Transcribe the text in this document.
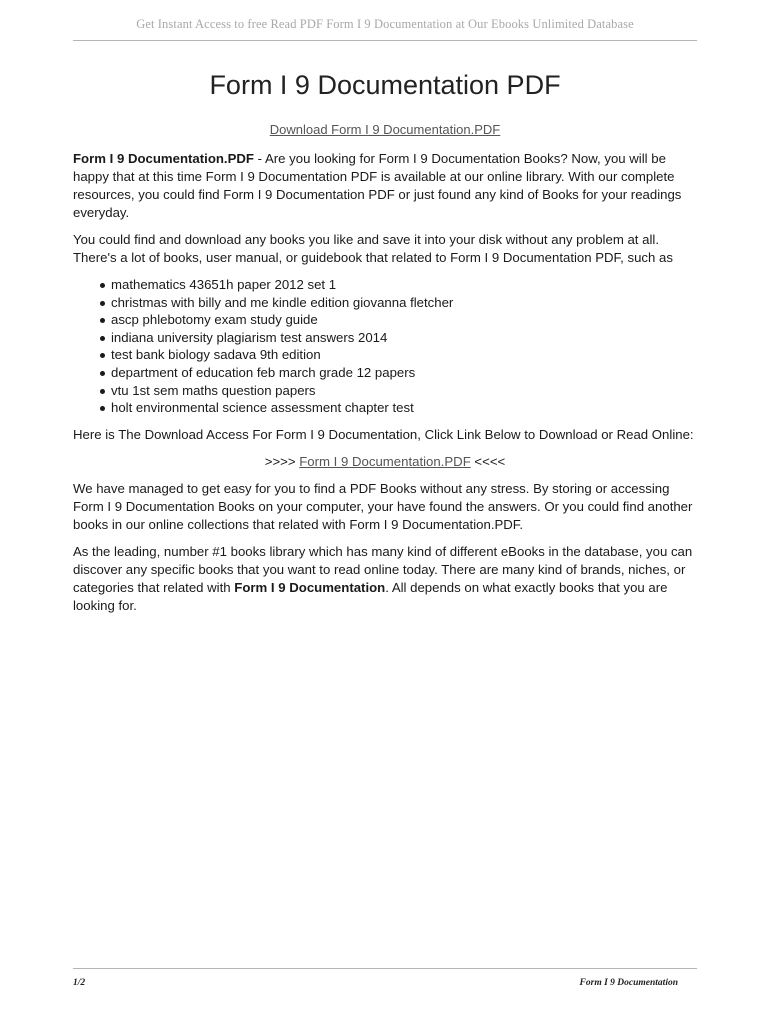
Get Instant Access to free Read PDF Form I 9 Documentation at Our Ebooks Unlimited Database
Form I 9 Documentation PDF
Download Form I 9 Documentation.PDF

Form I 9 Documentation.PDF - Are you looking for Form I 9 Documentation Books? Now, you will be happy that at this time Form I 9 Documentation PDF is available at our online library. With our complete resources, you could find Form I 9 Documentation PDF or just found any kind of Books for your readings everyday.

You could find and download any books you like and save it into your disk without any problem at all. There's a lot of books, user manual, or guidebook that related to Form I 9 Documentation PDF, such as

mathematics 43651h paper 2012 set 1
christmas with billy and me kindle edition giovanna fletcher
ascp phlebotomy exam study guide
indiana university plagiarism test answers 2014
test bank biology sadava 9th edition
department of education feb march grade 12 papers
vtu 1st sem maths question papers
holt environmental science assessment chapter test

Here is The Download Access For Form I 9 Documentation, Click Link Below to Download or Read Online:

>>>> Form I 9 Documentation.PDF <<<<

We have managed to get easy for you to find a PDF Books without any stress. By storing or accessing Form I 9 Documentation Books on your computer, your have found the answers. Or you could find another books in our online collections that related with Form I 9 Documentation.PDF.

As the leading, number #1 books library which has many kind of different eBooks in the database, you can discover any specific books that you want to read online today. There are many kind of brands, niches, or categories that related with Form I 9 Documentation. All depends on what exactly books that you are looking for.

1/2	Form I 9 Documentation
